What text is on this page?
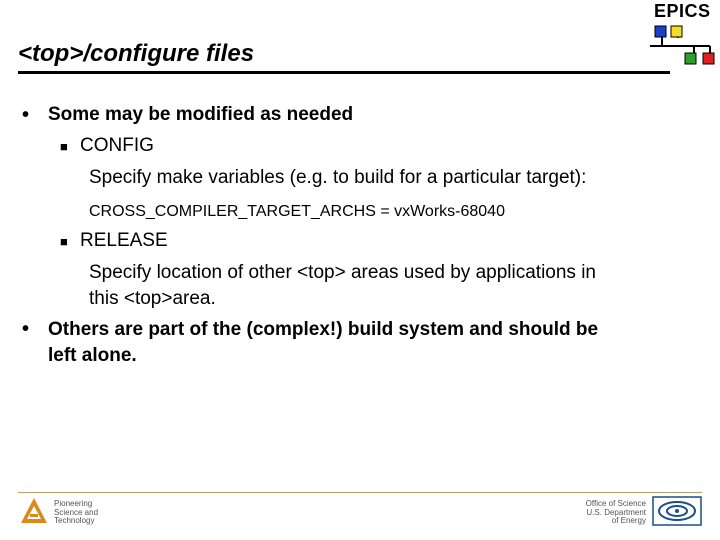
<top>/configure files
EPICS
• Some may be modified as needed
■ CONFIG
Specify make variables (e.g. to build for a particular target):
CROSS_COMPILER_TARGET_ARCHS = vxWorks-68040
■ RELEASE
Specify location of other <top> areas used by applications in
this <top>area.
• Others are part of the (complex!) build system and should be
left alone.
Pioneering
Science and
Technology
Office of Science
U.S. Department
of Energy
